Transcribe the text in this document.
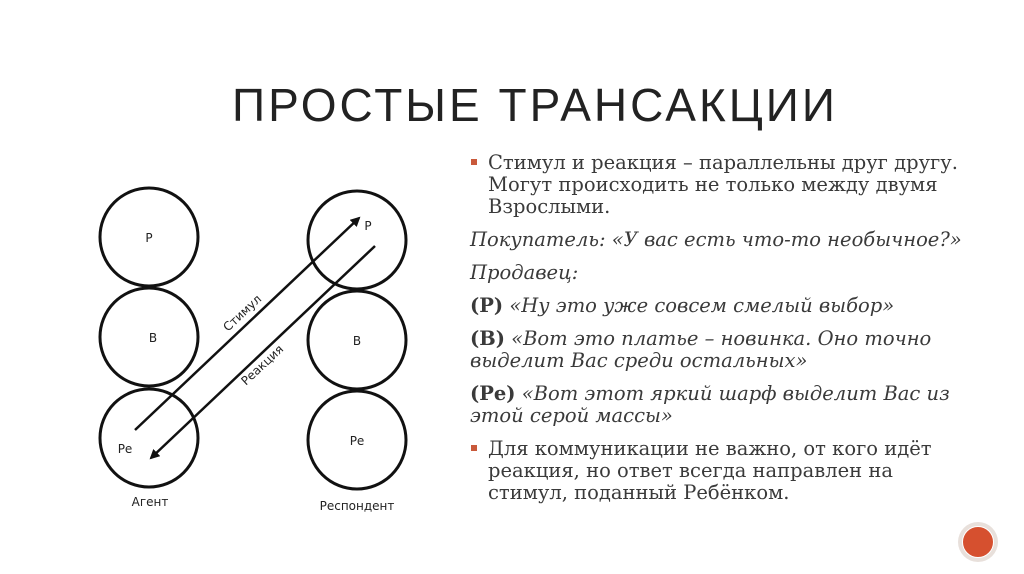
ПРОСТЫЕ ТРАНСАКЦИИ
Р
В
Ре
Агент
Р
В
Ре
Респондент
Стимул
Реакция

Стимул и реакция – параллельны друг другу. Могут происходить не только между двумя Взрослыми.

Покупатель: «У вас есть что-то необычное?»

Продавец:

(Р) «Ну это уже совсем смелый выбор»

(В) «Вот это платье – новинка. Оно точно выделит Вас среди остальных»

(Ре) «Вот этот яркий шарф выделит Вас из этой серой массы»

Для коммуникации не важно, от кого идёт реакция, но ответ всегда направлен на стимул, поданный Ребёнком.
